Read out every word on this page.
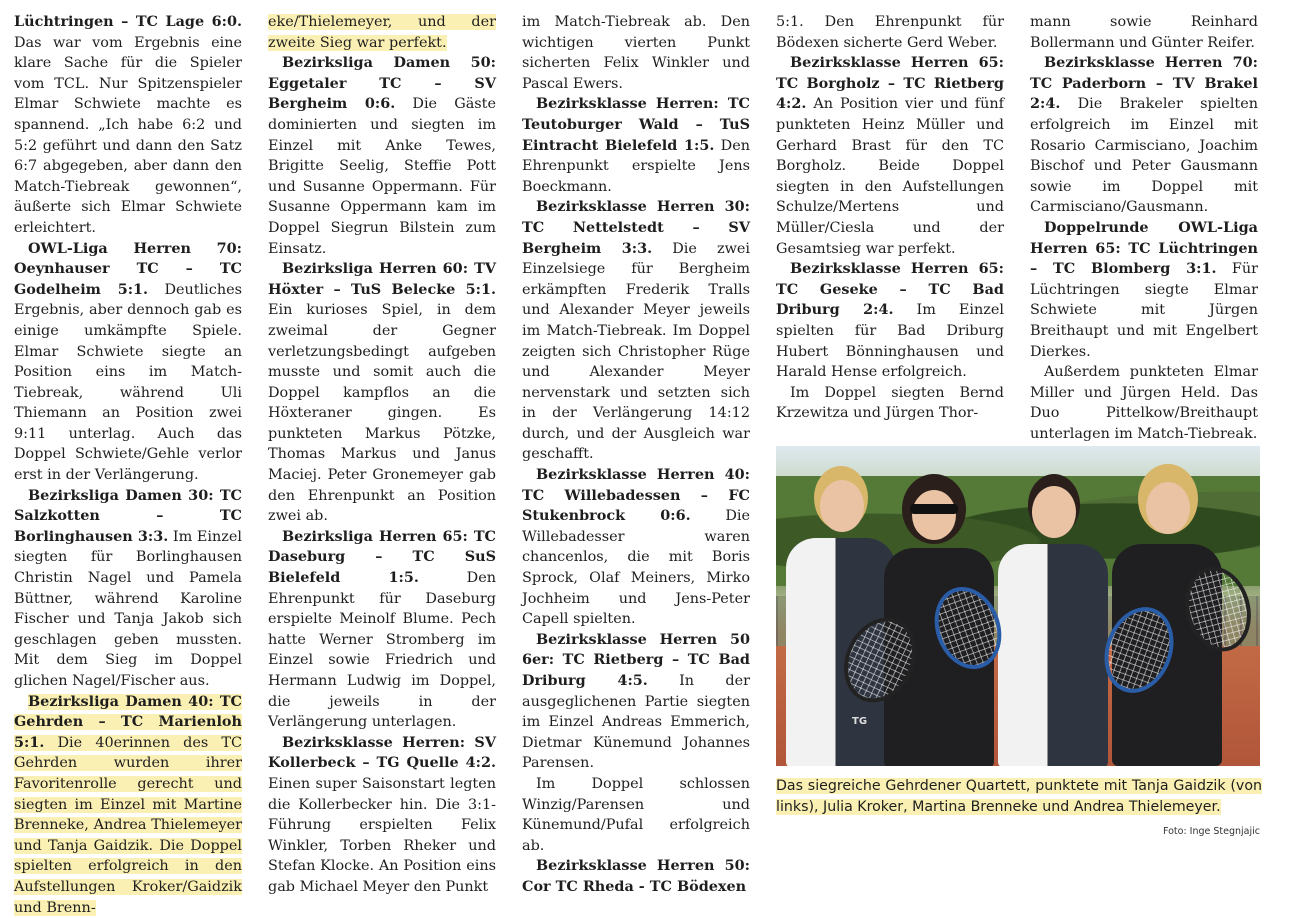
Lüchtringen – TC Lage 6:0. Das war vom Ergebnis eine klare Sache für die Spieler vom TCL. Nur Spitzenspieler Elmar Schwiete machte es spannend. „Ich habe 6:2 und 5:2 geführt und dann den Satz 6:7 abgegeben, aber dann den Match-Tiebreak gewonnen“, äußerte sich Elmar Schwiete erleichtert.

OWL-Liga Herren 70: Oeynhauser TC – TC Godelheim 5:1. Deutliches Ergebnis, aber dennoch gab es einige umkämpfte Spiele. Elmar Schwiete siegte an Position eins im Match-Tiebreak, während Uli Thiemann an Position zwei 9:11 unterlag. Auch das Doppel Schwiete/Gehle verlor erst in der Verlängerung.

Bezirksliga Damen 30: TC Salzkotten – TC Borlinghausen 3:3. Im Einzel siegten für Borlinghausen Christin Nagel und Pamela Büttner, während Karoline Fischer und Tanja Jakob sich geschlagen geben mussten. Mit dem Sieg im Doppel glichen Nagel/Fischer aus.

Bezirksliga Damen 40: TC Gehrden – TC Marienloh 5:1. Die 40erinnen des TC Gehrden wurden ihrer Favoritenrolle gerecht und siegten im Einzel mit Martine Brenneke, Andrea Thielemeyer und Tanja Gaidzik. Die Doppel spielten erfolgreich in den Aufstellungen Kroker/Gaidzik und Brenn-

eke/Thielemeyer, und der zweite Sieg war perfekt.

Bezirksliga Damen 50: Eggetaler TC – SV Bergheim 0:6. Die Gäste dominierten und siegten im Einzel mit Anke Tewes, Brigitte Seelig, Steffie Pott und Susanne Oppermann. Für Susanne Oppermann kam im Doppel Siegrun Bilstein zum Einsatz.

Bezirksliga Herren 60: TV Höxter – TuS Belecke 5:1. Ein kurioses Spiel, in dem zweimal der Gegner verletzungsbedingt aufgeben musste und somit auch die Doppel kampflos an die Höxteraner gingen. Es punkteten Markus Pötzke, Thomas Markus und Janus Maciej. Peter Gronemeyer gab den Ehrenpunkt an Position zwei ab.

Bezirksliga Herren 65: TC Daseburg – TC SuS Bielefeld 1:5. Den Ehrenpunkt für Daseburg erspielte Meinolf Blume. Pech hatte Werner Stromberg im Einzel sowie Friedrich und Hermann Ludwig im Doppel, die jeweils in der Verlängerung unterlagen.

Bezirksklasse Herren: SV Kollerbeck – TG Quelle 4:2. Einen super Saisonstart legten die Kollerbecker hin. Die 3:1-Führung erspielten Felix Winkler, Torben Rheker und Stefan Klocke. An Position eins gab Michael Meyer den Punkt

im Match-Tiebreak ab. Den wichtigen vierten Punkt sicherten Felix Winkler und Pascal Ewers.

Bezirksklasse Herren: TC Teutoburger Wald – TuS Eintracht Bielefeld 1:5. Den Ehrenpunkt erspielte Jens Boeckmann.

Bezirksklasse Herren 30: TC Nettelstedt – SV Bergheim 3:3. Die zwei Einzelsiege für Bergheim erkämpften Frederik Tralls und Alexander Meyer jeweils im Match-Tiebreak. Im Doppel zeigten sich Christopher Rüge und Alexander Meyer nervenstark und setzten sich in der Verlängerung 14:12 durch, und der Ausgleich war geschafft.

Bezirksklasse Herren 40: TC Willebadessen – FC Stukenbrock 0:6. Die Willebadesser waren chancenlos, die mit Boris Sprock, Olaf Meiners, Mirko Jochheim und Jens-Peter Capell spielten.

Bezirksklasse Herren 50 6er: TC Rietberg – TC Bad Driburg 4:5. In der ausgeglichenen Partie siegten im Einzel Andreas Emmerich, Dietmar Künemund Johannes Parensen.

Im Doppel schlossen Winzig/Parensen und Künemund/Pufal erfolgreich ab.

Bezirksklasse Herren 50: Cor TC Rheda - TC Bödexen

5:1. Den Ehrenpunkt für Bödexen sicherte Gerd Weber.

Bezirksklasse Herren 65: TC Borgholz – TC Rietberg 4:2. An Position vier und fünf punkteten Heinz Müller und Gerhard Brast für den TC Borgholz. Beide Doppel siegten in den Aufstellungen Schulze/Mertens und Müller/Ciesla und der Gesamtsieg war perfekt.

Bezirksklasse Herren 65: TC Geseke – TC Bad Driburg 2:4. Im Einzel spielten für Bad Driburg Hubert Bönninghausen und Harald Hense erfolgreich.

Im Doppel siegten Bernd Krzewitza und Jürgen Thor-

mann sowie Reinhard Bollermann und Günter Reifer.

Bezirksklasse Herren 70: TC Paderborn – TV Brakel 2:4. Die Brakeler spielten erfolgreich im Einzel mit Rosario Carmisciano, Joachim Bischof und Peter Gausmann sowie im Doppel mit Carmisciano/Gausmann.

Doppelrunde OWL-Liga Herren 65: TC Lüchtringen – TC Blomberg 3:1. Für Lüchtringen siegte Elmar Schwiete mit Jürgen Breithaupt und mit Engelbert Dierkes.

Außerdem punkteten Elmar Miller und Jürgen Held. Das Duo Pittelkow/Breithaupt unterlagen im Match-Tiebreak.

TG
Das siegreiche Gehrdener Quartett, punktete mit Tanja Gaidzik (von links), Julia Kroker, Martina Brenneke und Andrea Thielemeyer.
Foto: Inge Stegnjajic
